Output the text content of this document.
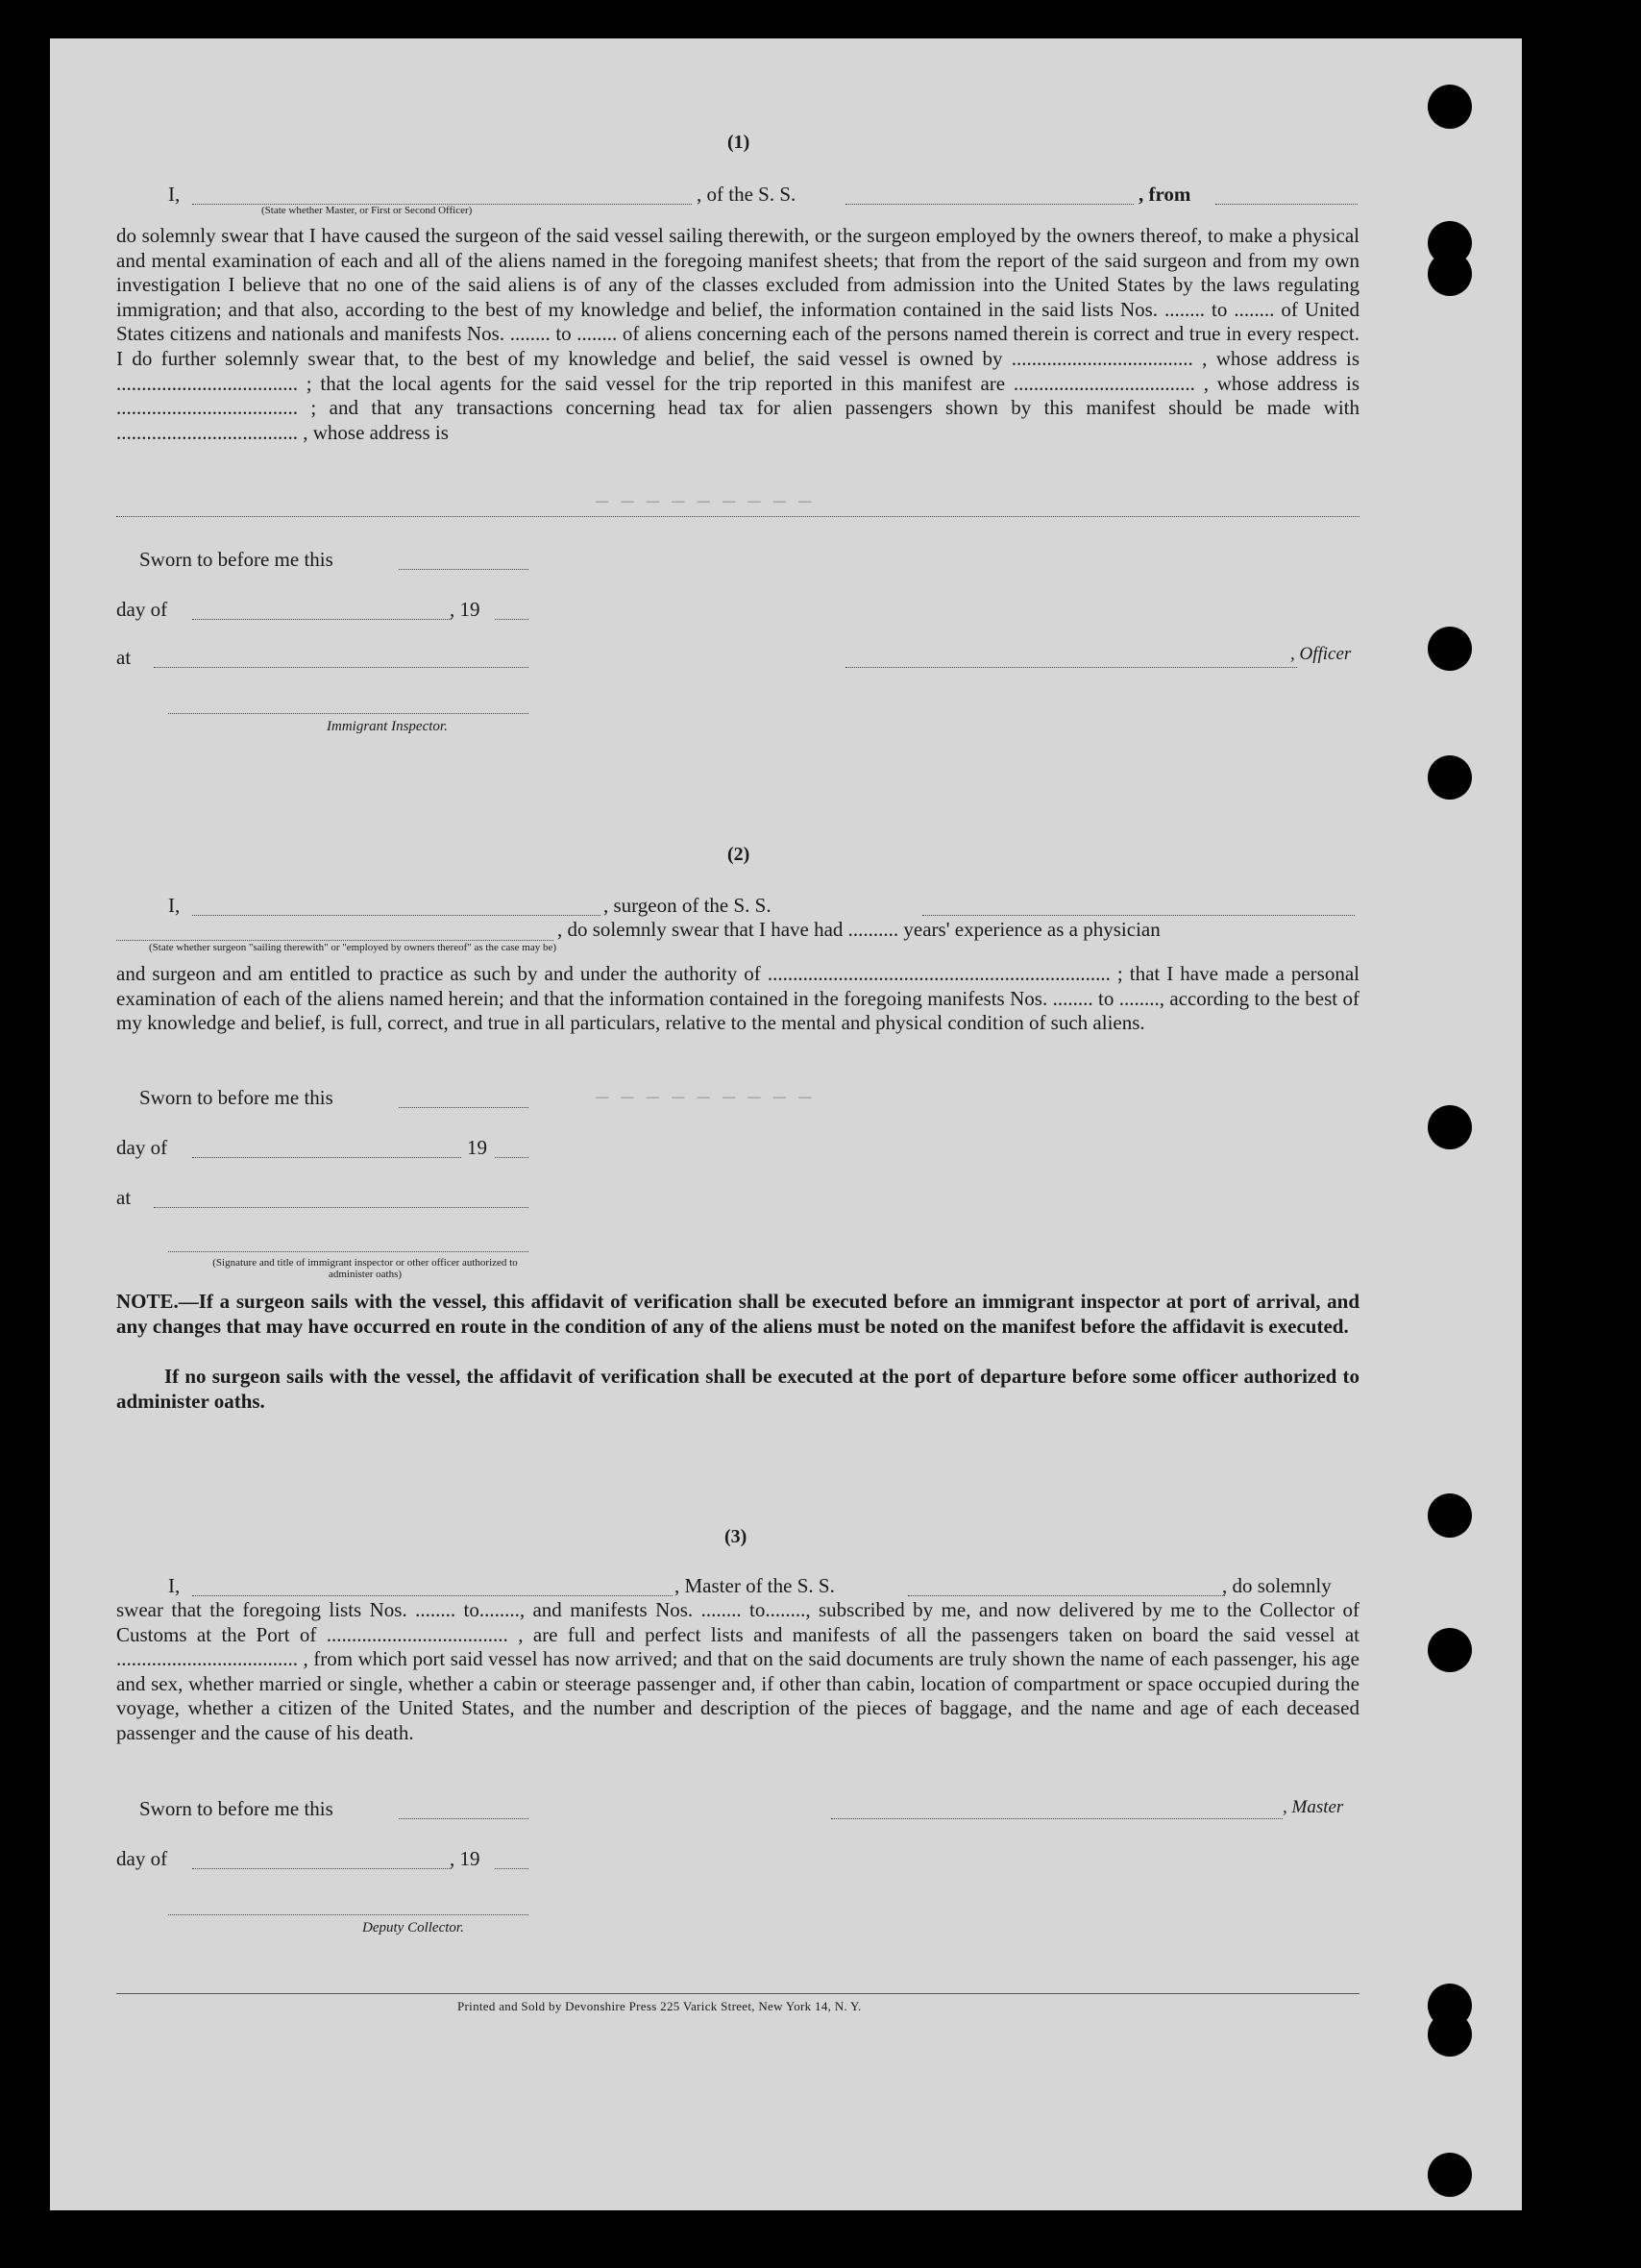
— — — — — — — — —
— — — — — — — — —
(1)
I,	, of the S. S.	, from
(State whether Master, or First or Second Officer)
do solemnly swear that I have caused the surgeon of the said vessel sailing therewith, or the surgeon employed by the owners thereof, to make a physical and mental examination of each and all of the aliens named in the foregoing manifest sheets; that from the report of the said surgeon and from my own investigation I believe that no one of the said aliens is of any of the classes excluded from admission into the United States by the laws regulating immigration; and that also, according to the best of my knowledge and belief, the information contained in the said lists Nos. ........ to ........ of United States citizens and nationals and manifests Nos. ........ to ........ of aliens concerning each of the persons named therein is correct and true in every respect. I do further solemnly swear that, to the best of my knowledge and belief, the said vessel is owned by .................................... , whose address is .................................... ; that the local agents for the said vessel for the trip reported in this manifest are .................................... , whose address is .................................... ; and that any transactions concerning head tax for alien passengers shown by this manifest should be made with .................................... , whose address is
Sworn to before me this
day of	, 19
at	, Officer
Immigrant Inspector.
(2)
I,	, surgeon of the S. S.
, do solemnly swear that I have had .......... years' experience as a physician
(State whether surgeon "sailing therewith" or "employed by owners thereof" as the case may be)
and surgeon and am entitled to practice as such by and under the authority of .................................................................... ; that I have made a personal examination of each of the aliens named herein; and that the information contained in the foregoing manifests Nos. ........ to ........, according to the best of my knowledge and belief, is full, correct, and true in all particulars, relative to the mental and physical condition of such aliens.
Sworn to before me this
day of	19
at
(Signature and title of immigrant inspector or other officer authorized to administer oaths)
NOTE.—If a surgeon sails with the vessel, this affidavit of verification shall be executed before an immigrant inspector at port of arrival, and any changes that may have occurred en route in the condition of any of the aliens must be noted on the manifest before the affidavit is executed.
If no surgeon sails with the vessel, the affidavit of verification shall be executed at the port of departure before some officer authorized to administer oaths.
(3)
I,	, Master of the S. S.	, do solemnly
swear that the foregoing lists Nos. ........ to........, and manifests Nos. ........ to........, subscribed by me, and now delivered by me to the Collector of Customs at the Port of .................................... , are full and perfect lists and manifests of all the passengers taken on board the said vessel at .................................... , from which port said vessel has now arrived; and that on the said documents are truly shown the name of each passenger, his age and sex, whether married or single, whether a cabin or steerage passenger and, if other than cabin, location of compartment or space occupied during the voyage, whether a citizen of the United States, and the number and description of the pieces of baggage, and the name and age of each deceased passenger and the cause of his death.
Sworn to before me this	, Master
day of	, 19
Deputy Collector.
Printed and Sold by Devonshire Press 225 Varick Street, New York 14, N. Y.
